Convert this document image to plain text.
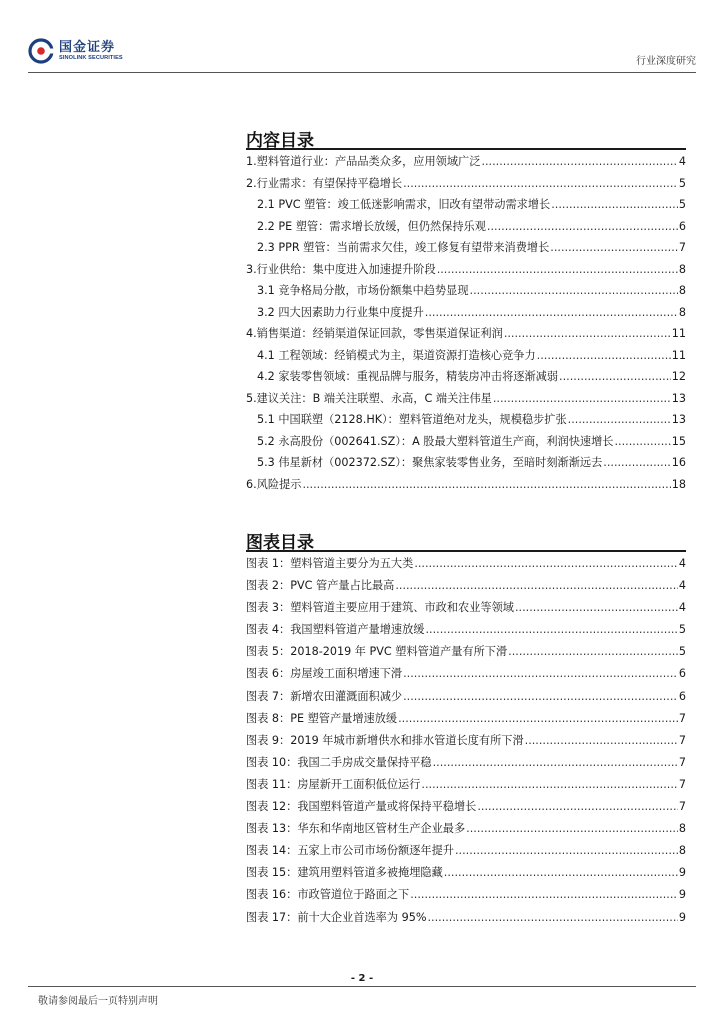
国金证券
SINOLINK SECURITIES	行业深度研究
内容目录
1.塑料管道行业：产品品类众多，应用领域广泛 .....	4
2.行业需求：有望保持平稳增长 .....	5
2.1 PVC 塑管：竣工低迷影响需求，旧改有望带动需求增长 .....	5
2.2 PE 塑管：需求增长放缓，但仍然保持乐观 .....	6
2.3 PPR 塑管：当前需求欠佳，竣工修复有望带来消费增长 .....	7
3.行业供给：集中度进入加速提升阶段 .....	8
3.1 竞争格局分散，市场份额集中趋势显现 .....	8
3.2 四大因素助力行业集中度提升 .....	8
4.销售渠道：经销渠道保证回款，零售渠道保证利润 .....	11
4.1 工程领域：经销模式为主，渠道资源打造核心竞争力 .....	11
4.2 家装零售领域：重视品牌与服务，精装房冲击将逐渐减弱 .....	12
5.建议关注：B 端关注联塑、永高，C 端关注伟星 .....	13
5.1 中国联塑（2128.HK）：塑料管道绝对龙头，规模稳步扩张 .....	13
5.2 永高股份（002641.SZ）：A 股最大塑料管道生产商，利润快速增长 .....	15
5.3 伟星新材（002372.SZ）：聚焦家装零售业务，至暗时刻渐渐远去 .....	16
6.风险提示 .....	18
图表目录
图表 1：塑料管道主要分为五大类 .....	4
图表 2：PVC 管产量占比最高 .....	4
图表 3：塑料管道主要应用于建筑、市政和农业等领域 .....	4
图表 4：我国塑料管道产量增速放缓 .....	5
图表 5：2018-2019 年 PVC 塑料管道产量有所下滑 .....	5
图表 6：房屋竣工面积增速下滑 .....	6
图表 7：新增农田灌溉面积减少 .....	6
图表 8：PE 塑管产量增速放缓 .....	7
图表 9：2019 年城市新增供水和排水管道长度有所下滑 .....	7
图表 10：我国二手房成交量保持平稳 .....	7
图表 11：房屋新开工面积低位运行 .....	7
图表 12：我国塑料管道产量或将保持平稳增长 .....	7
图表 13：华东和华南地区管材生产企业最多 .....	8
图表 14：五家上市公司市场份额逐年提升 .....	8
图表 15：建筑用塑料管道多被掩埋隐藏 .....	9
图表 16：市政管道位于路面之下 .....	9
图表 17：前十大企业首选率为 95% .....	9
- 2 -
敬请参阅最后一页特别声明
